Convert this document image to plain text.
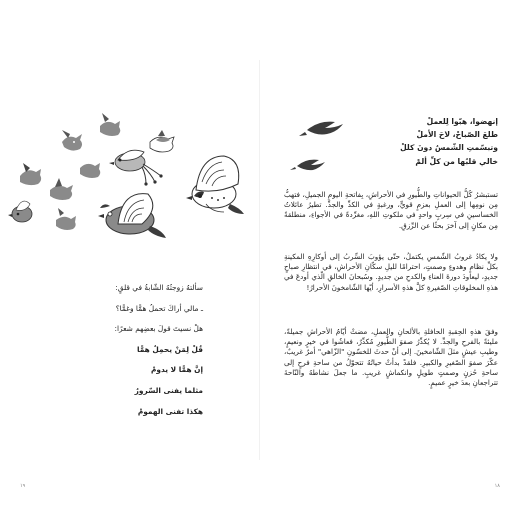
سألتهُ زوجتُهُ الشّابةُ في قلقٍ:
ـ مالي أراكَ تحملُ همًّا وغمًّا؟
هلْ نسيتَ قولَ بعضِهم شعرًا:
قُلْ لِمَنْ يحمِلُ همًّا
إنَّ همًّا لا يدومْ
مثلما يفنى السّرورُ
هكذا تفنى الهمومْ
١٩
إنهضوا، هبّوا لِلعملْ
طلعَ الصّباحْ، لاحَ الأملْ
وتبسّمتِ الشّمسُ دونَ كللْ
خالي قلبُها من كلِّ ألمْ
تستبشرُ كُلُّ الحيواناتِ والطُّيورِ في الأحراشِ، بِفاتحةِ اليومِ الجميلِ، فتهبُّ مِن نومِها إلى العملِ بعزمٍ قويٍّ، ورغبةٍ في الكدِّ والجدِّ. تطيرُ عائلاتُ الخساسينِ في سِربٍ واحدٍ في ملكوتِ اللهِ، مغرِّدةً في الأجواءِ، منطلقةً مِن مكانٍ إلى آخرَ بحثًا عن الرِّزقِ.
ولا يكادُ غروبُ الشّمسِ يكتملُ، حتّى يؤوبَ السِّربُ إلى أوكارِهِ المكينةِ بكلِّ نظامٍ وهدوءٍ وصمتٍ، احترامًا لليلِ سكّانِ الأحراشِ، في انتظارِ صباحٍ جديدٍ، ليعاودَ دورةَ العناءِ والكدحِ من جديدٍ. وسُبحانَ الخالقِ الّذي أودعَ في هذهِ المخلوقاتِ الصّغيرةِ كلَّ هذهِ الأسرارِ، أيّها الشّامخونَ الأحرارُ!
وفقَ هذهِ الحِقبةِ الحافلةِ بالألحانِ والعملِ، مضتْ أيّامُ الأحراشِ جميلةً، مليئةً بالفرحِ والجدِّ. لا يُكدِّرُ صفوَ الطُّيورِ مُكدِّرٌ، فعاشُوا في خيرٍ ونعيمٍ، وطيبِ عيشٍ مثلَ الشّامخينَ. إلى أنْ حدثَ للخسّونِ "الزّاهي" أمرٌ غريبٌ، عكّرَ صفوَ الصّغيرِ والكبيرِ. فلقدْ بدأتْ حياتُهُ تتحوّلُ من ساحةِ فرحٍ إلى ساحةِ حُزنٍ وصمتٍ طويلٍ وانكماشٍ غريبٍ. ما جعلَ نشاطهُ والنّاحةَ تتراجعانِ بعدَ خيرٍ عميمٍ.
١٨
